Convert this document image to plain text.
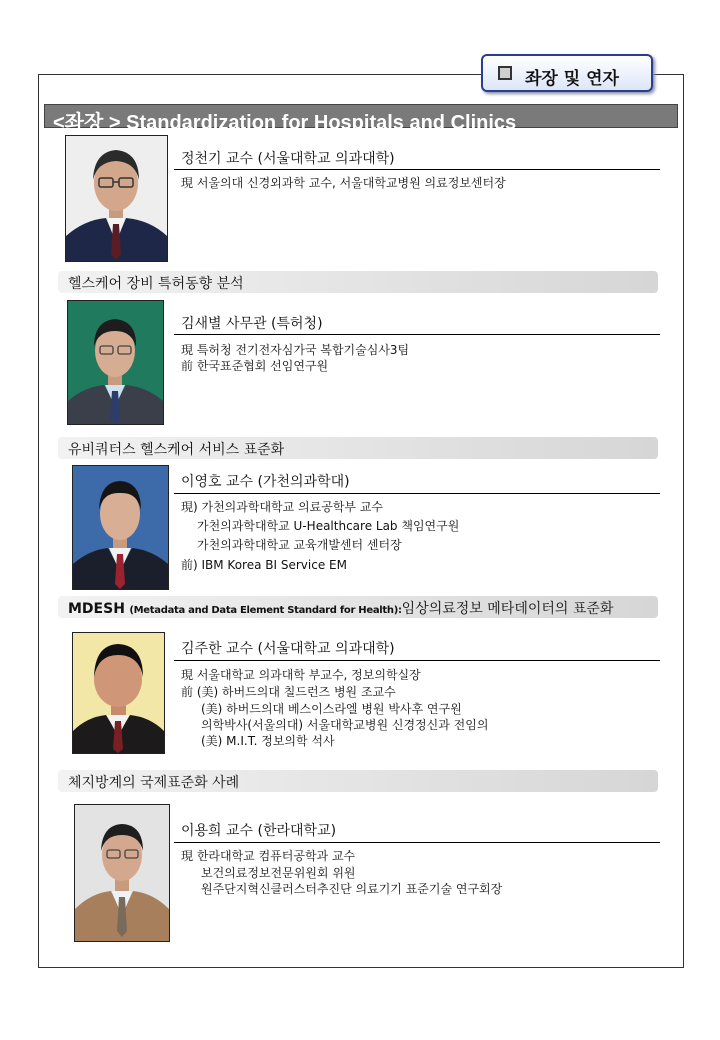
좌장 및 연자
<좌장 > Standardization for Hospitals and Clinics
정천기 교수 (서울대학교 의과대학)
現 서울의대 신경외과학 교수, 서울대학교병원 의료정보센터장
헬스케어 장비 특허동향 분석
김새별 사무관 (특허청)
現 특허청 전기전자심가국 복합기술심사3팀
前 한국표준협회 선임연구원
유비쿼터스 헬스케어 서비스 표준화
이영호 교수 (가천의과학대)
現) 가천의과학대학교 의료공학부 교수
가천의과학대학교 U-Healthcare Lab 책임연구원
가천의과학대학교 교육개발센터 센터장
前) IBM Korea BI Service EM
MDESH (Metadata and Data Element Standard for Health):임상의료정보 메타데이터의 표준화
김주한 교수 (서울대학교 의과대학)
現 서울대학교 의과대학 부교수, 정보의학실장
前 (美) 하버드의대 칠드런즈 병원 조교수
(美) 하버드의대 베스이스라엘 병원 박사후 연구원
의학박사(서울의대) 서울대학교병원 신경정신과 전임의
(美) M.I.T. 정보의학 석사
체지방계의 국제표준화 사례
이용희 교수 (한라대학교)
現 한라대학교 컴퓨터공학과 교수
보건의료정보전문위원회 위원
원주단지혁신클러스터추진단 의료기기 표준기술 연구회장
